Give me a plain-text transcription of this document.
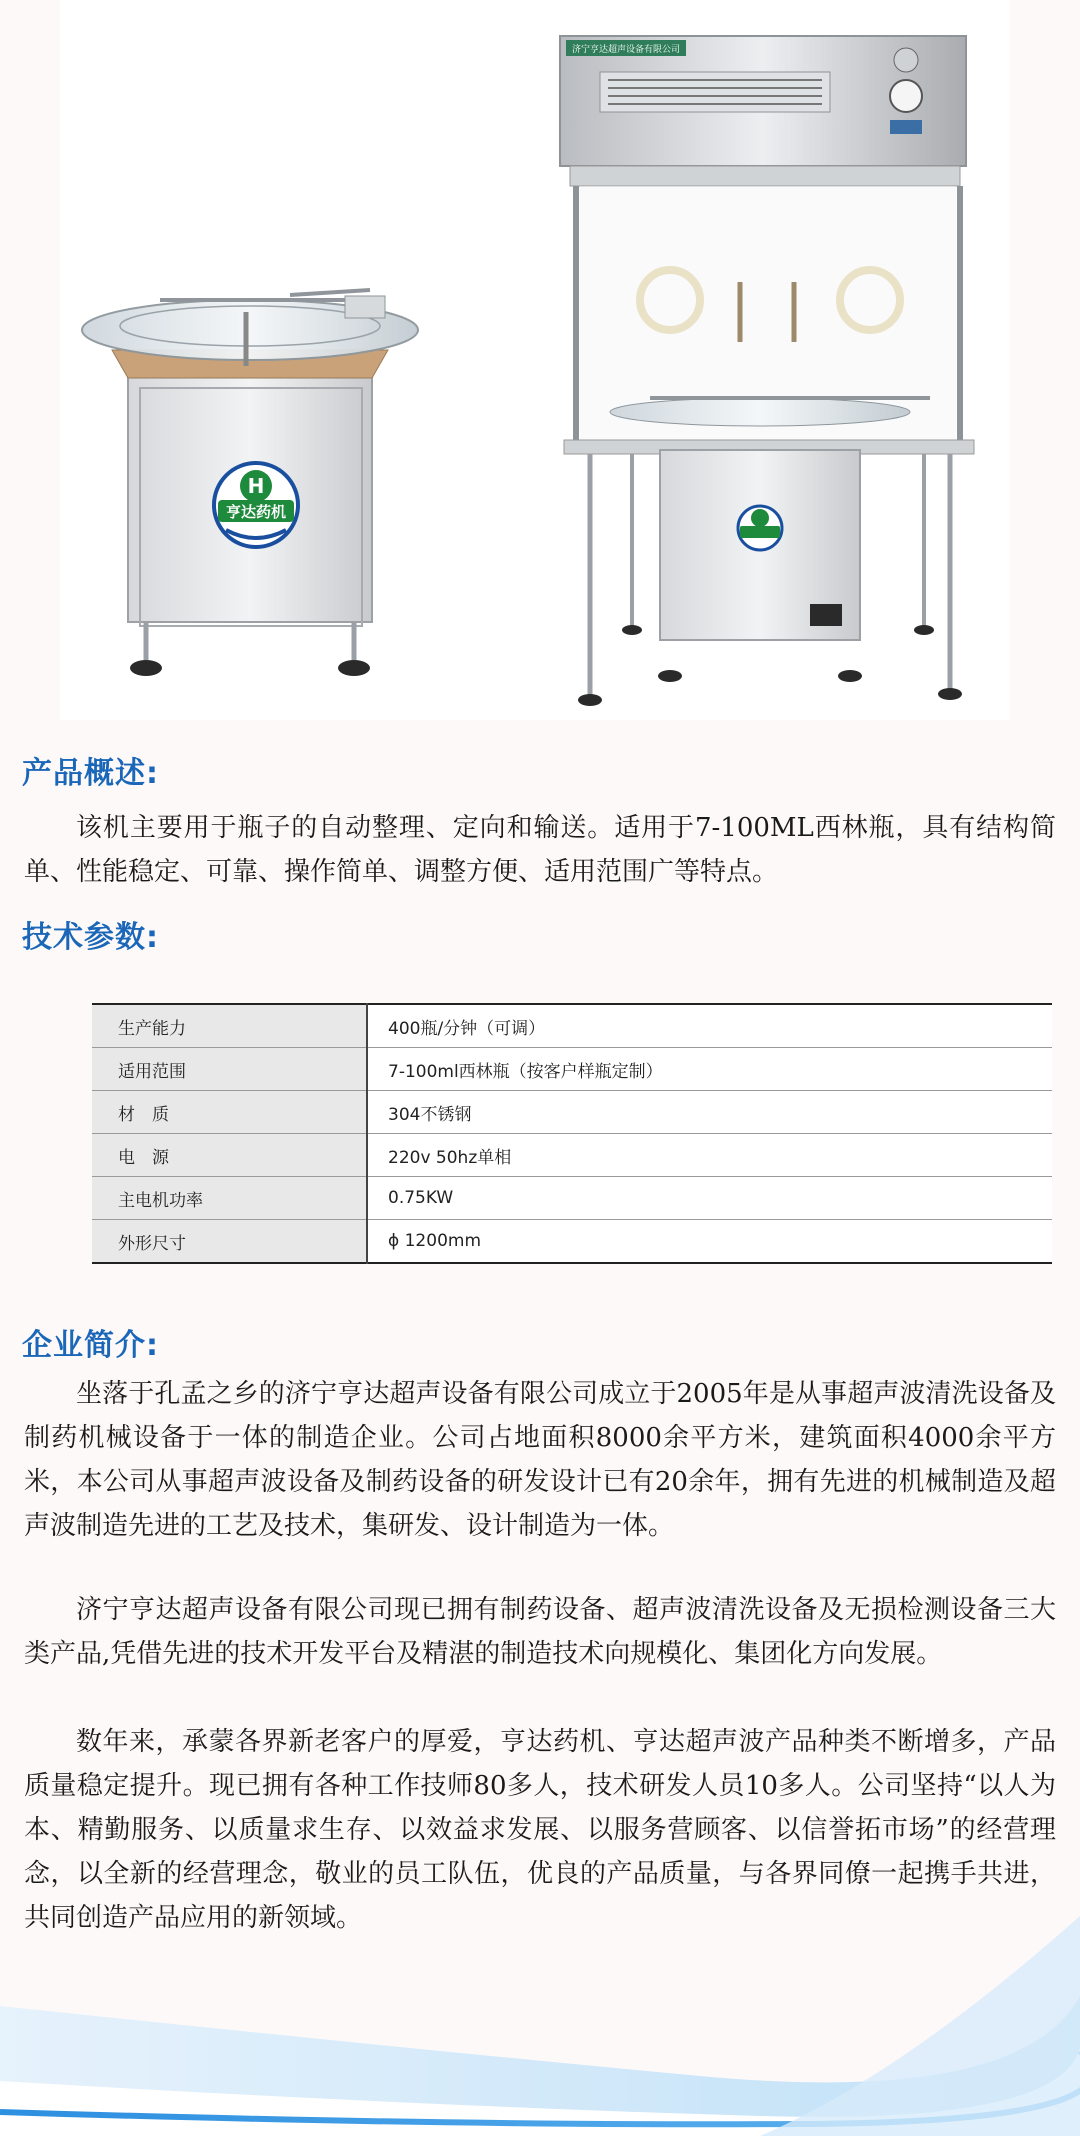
H
亨达药机
济宁亨达超声设备有限公司
产品概述:

该机主要用于瓶子的自动整理、定向和输送。适用于7-100ML西林瓶，具有结构简单、性能稳定、可靠、操作简单、调整方便、适用范围广等特点。

技术参数:
生产能力	400瓶/分钟（可调）
适用范围	7-100ml西林瓶（按客户样瓶定制）
材　质	304不锈钢
电　源	220v 50hz单相
主电机功率	0.75KW
外形尺寸	ϕ 1200mm
企业简介:

坐落于孔孟之乡的济宁亨达超声设备有限公司成立于2005年是从事超声波清洗设备及制药机械设备于一体的制造企业。公司占地面积8000余平方米，建筑面积4000余平方米，本公司从事超声波设备及制药设备的研发设计已有20余年，拥有先进的机械制造及超声波制造先进的工艺及技术，集研发、设计制造为一体。

济宁亨达超声设备有限公司现已拥有制药设备、超声波清洗设备及无损检测设备三大类产品,凭借先进的技术开发平台及精湛的制造技术向规模化、集团化方向发展。

数年来，承蒙各界新老客户的厚爱，亨达药机、亨达超声波产品种类不断增多，产品质量稳定提升。现已拥有各种工作技师80多人，技术研发人员10多人。公司坚持“以人为本、精勤服务、以质量求生存、以效益求发展、以服务营顾客、以信誉拓市场”的经营理念，以全新的经营理念，敬业的员工队伍，优良的产品质量，与各界同僚一起携手共进，共同创造产品应用的新领域。
